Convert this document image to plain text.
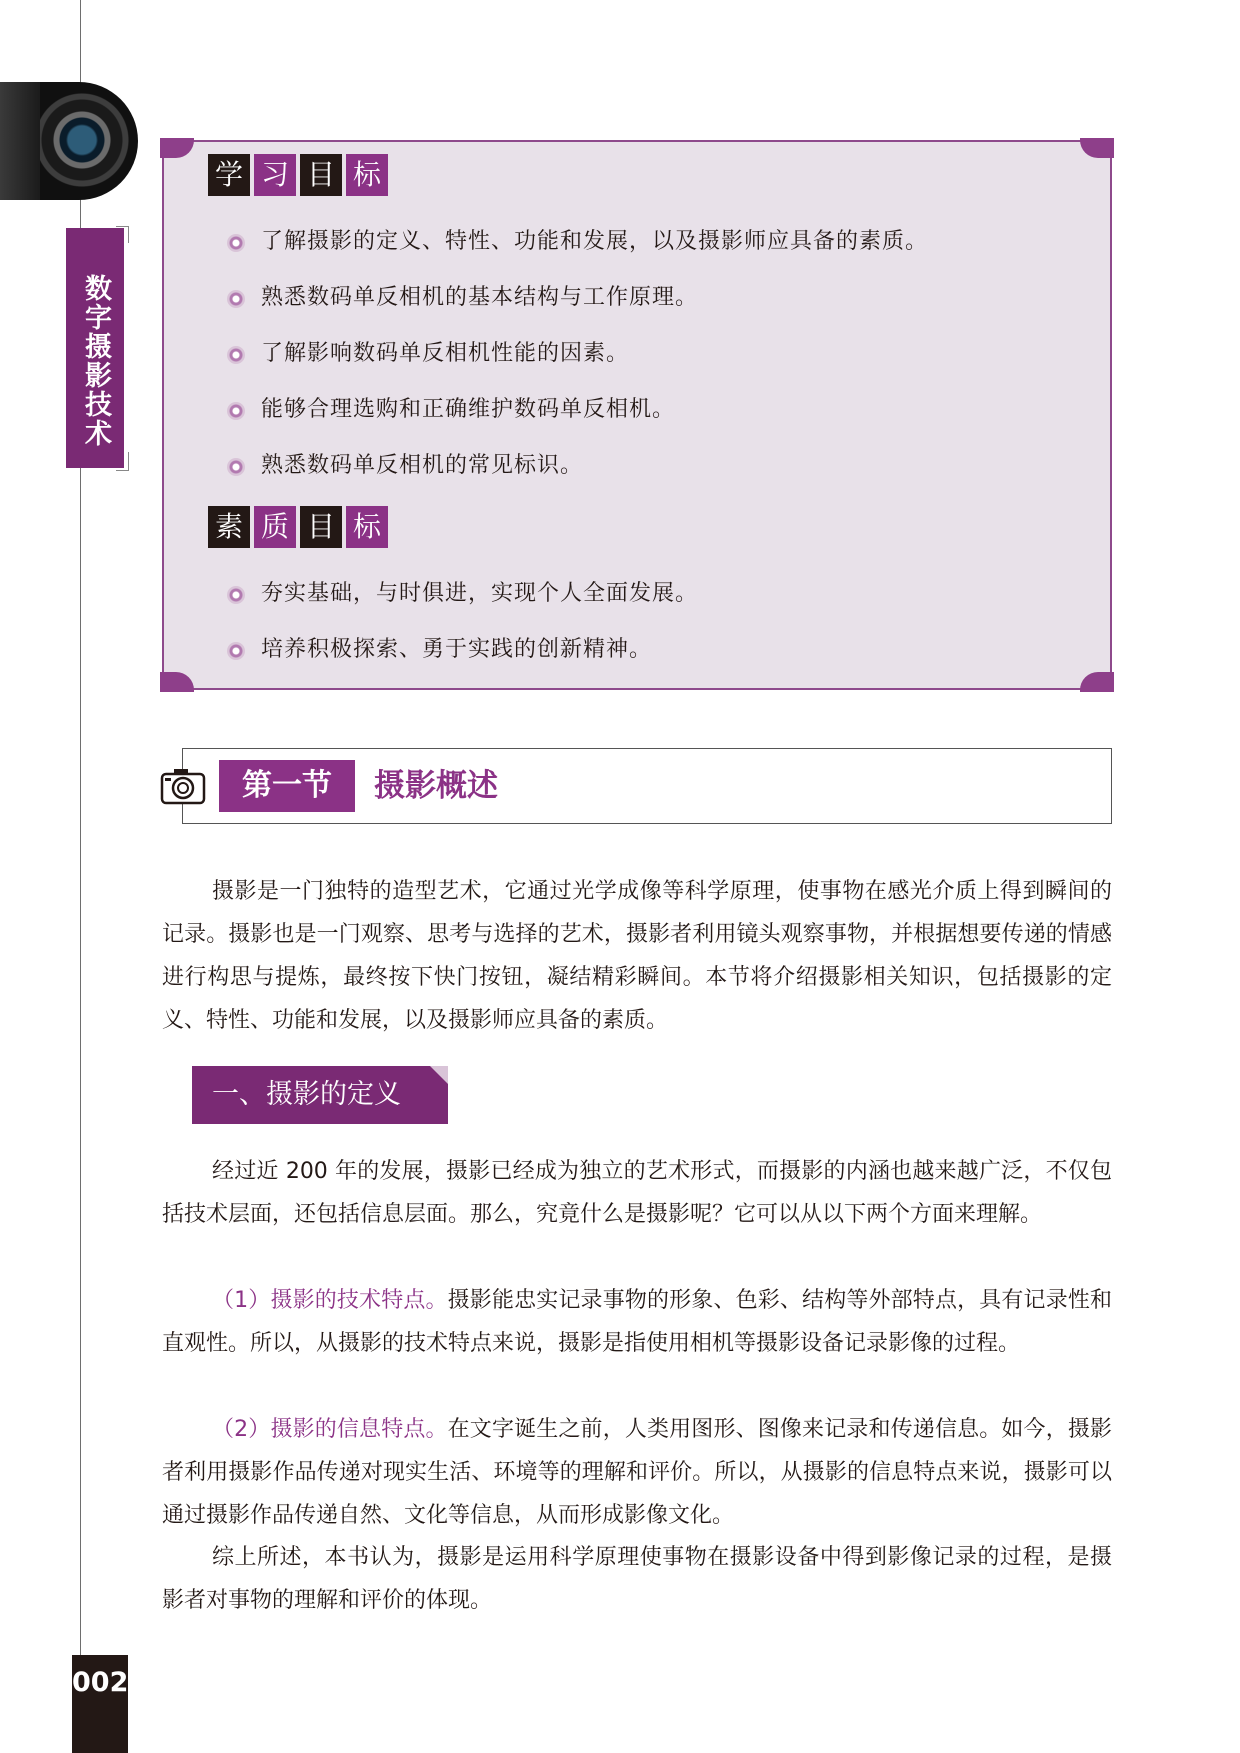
数字摄影技术
学 习 目 标
了解摄影的定义、特性、功能和发展，以及摄影师应具备的素质。
熟悉数码单反相机的基本结构与工作原理。
了解影响数码单反相机性能的因素。
能够合理选购和正确维护数码单反相机。
熟悉数码单反相机的常见标识。
素 质 目 标
夯实基础，与时俱进，实现个人全面发展。
培养积极探索、勇于实践的创新精神。
第一节	摄影概述

摄影是一门独特的造型艺术，它通过光学成像等科学原理，使事物在感光介质上得到瞬间的记录。摄影也是一门观察、思考与选择的艺术，摄影者利用镜头观察事物，并根据想要传递的情感进行构思与提炼，最终按下快门按钮，凝结精彩瞬间。本节将介绍摄影相关知识，包括摄影的定义、特性、功能和发展，以及摄影师应具备的素质。

一、摄影的定义

经过近 200 年的发展，摄影已经成为独立的艺术形式，而摄影的内涵也越来越广泛，不仅包括技术层面，还包括信息层面。那么，究竟什么是摄影呢？它可以从以下两个方面来理解。

（1）摄影的技术特点。摄影能忠实记录事物的形象、色彩、结构等外部特点，具有记录性和直观性。所以，从摄影的技术特点来说，摄影是指使用相机等摄影设备记录影像的过程。

（2）摄影的信息特点。在文字诞生之前，人类用图形、图像来记录和传递信息。如今，摄影者利用摄影作品传递对现实生活、环境等的理解和评价。所以，从摄影的信息特点来说，摄影可以通过摄影作品传递自然、文化等信息，从而形成影像文化。

综上所述，本书认为，摄影是运用科学原理使事物在摄影设备中得到影像记录的过程，是摄影者对事物的理解和评价的体现。

002
